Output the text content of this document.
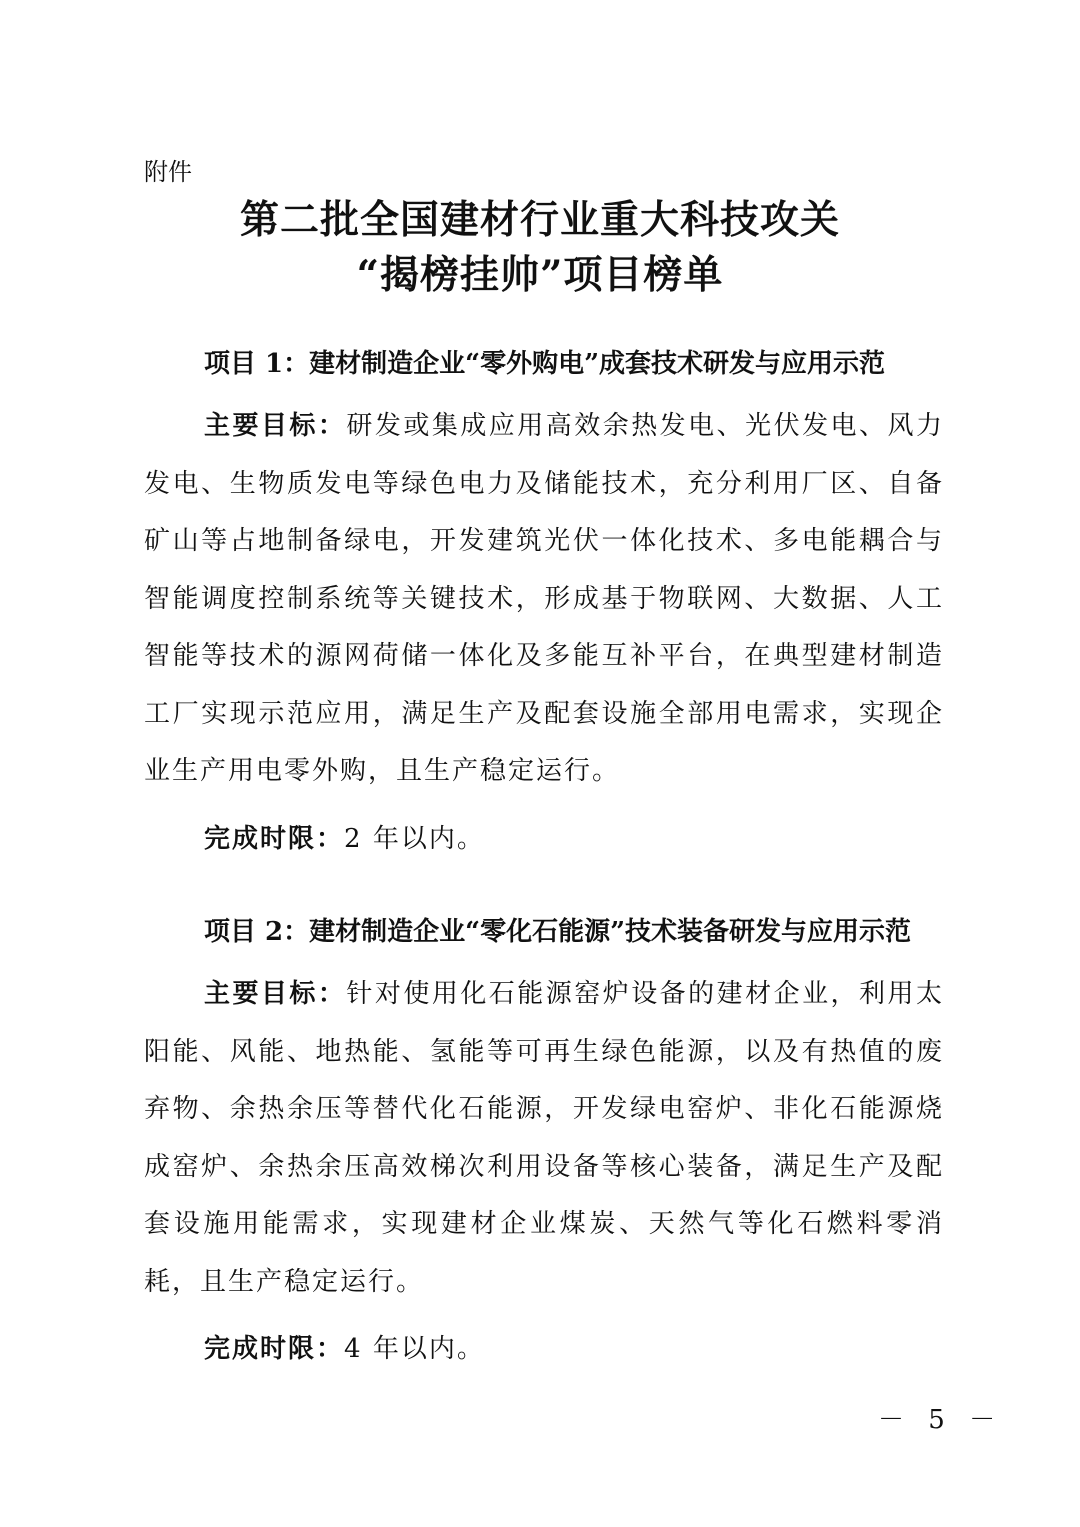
附件
第二批全国建材行业重大科技攻关
“揭榜挂帅”项目榜单
项目 1：建材制造企业“零外购电”成套技术研发与应用示范

主要目标：研发或集成应用高效余热发电、光伏发电、风力发电、生物质发电等绿色电力及储能技术，充分利用厂区、自备矿山等占地制备绿电，开发建筑光伏一体化技术、多电能耦合与智能调度控制系统等关键技术，形成基于物联网、大数据、人工智能等技术的源网荷储一体化及多能互补平台，在典型建材制造工厂实现示范应用，满足生产及配套设施全部用电需求，实现企业生产用电零外购，且生产稳定运行。

完成时限：2 年以内。
项目 2：建材制造企业“零化石能源”技术装备研发与应用示范

主要目标：针对使用化石能源窑炉设备的建材企业，利用太阳能、风能、地热能、氢能等可再生绿色能源，以及有热值的废弃物、余热余压等替代化石能源，开发绿电窑炉、非化石能源烧成窑炉、余热余压高效梯次利用设备等核心装备，满足生产及配套设施用能需求，实现建材企业煤炭、天然气等化石燃料零消耗，且生产稳定运行。

完成时限：4 年以内。
－ 5 －
